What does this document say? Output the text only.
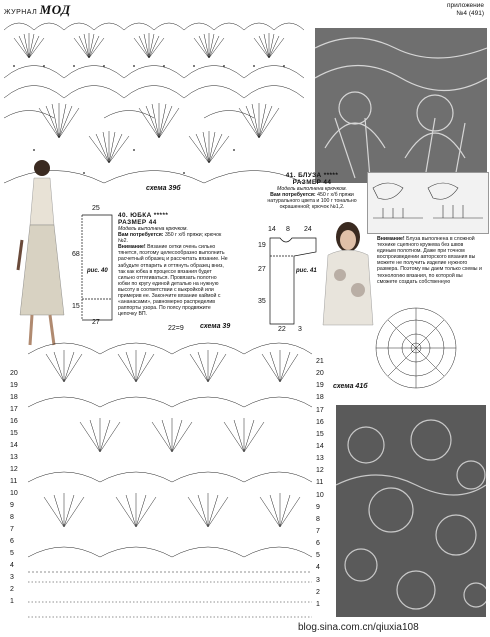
ЖУРНАЛ МОД	приложение
№4 (491)
схема 39б
40. ЮБКА *****
РАЗМЕР 44
Модель выполнена крючком.
Вам потребуется: 350 г х/б пряжи; крючок №2.
Внимание! Вязание сетки очень сильно тянется, поэтому целесообразно выполнить расчетный образец и рассчитать вязание. Не забудьте отпарить и оттянуть образец вниз, так как юбка в процессе вязания будет сильно оттягиваться. Провязать полотно юбки по кругу единой деталью на нужную высоту в соответствии с выкройкой или примерив ее. Закончите вязание каймой с «ананасами», равномерно распределив раппорты узора. По поясу продвяжите цепочку ВП.
25
68
15
27
рис. 40
41. БЛУЗА *****
РАЗМЕР 44
Модель выполнена крючком.
Вам потребуется: 450 г х/б пряжи натурального цвета и 100 г тонально окрашенной; крючок №1,2.
14 8 24
19
27
35
22 3
рис. 41
Внимание! Блуза выполнена в сложной технике сцепного кружева без швов единым полотном. Даже при точном воспроизведении авторского вязания вы можете не получить изделие нужного размера. Поэтому мы даем только схемы и технологию вязания, по которой вы сможете создать собственную
схема 41б
схема 39
22=9
20
19
18
17
16
15
14
13
12
11
10
9
8
7
6
5
4
3
2
1
21
20
19
18
17
16
15
14
13
12
11
10
9
8
7
6
5
4
3
2
1
blog.sina.com.cn/qiuxia108
